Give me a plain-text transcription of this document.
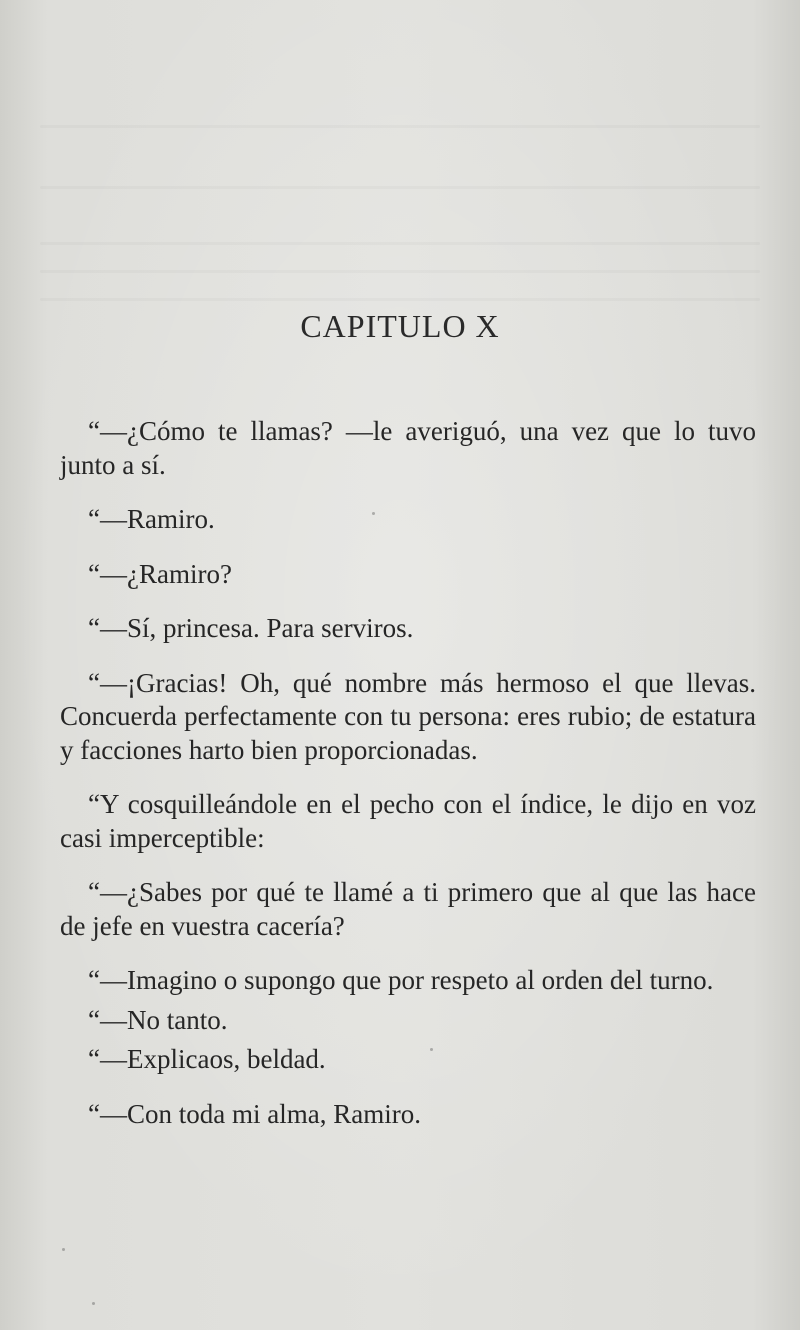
CAPITULO X

“—¿Cómo te llamas? —le averiguó, una vez que lo tuvo junto a sí.

“—Ramiro.

“—¿Ramiro?

“—Sí, princesa. Para serviros.

“—¡Gracias! Oh, qué nombre más hermoso el que llevas. Concuerda perfectamente con tu persona: eres rubio; de estatura y facciones harto bien proporcionadas.

“Y cosquilleándole en el pecho con el índice, le dijo en voz casi imperceptible:

“—¿Sabes por qué te llamé a ti primero que al que las hace de jefe en vuestra cacería?

“—Imagino o supongo que por respeto al orden del turno.

“—No tanto.

“—Explicaos, beldad.

“—Con toda mi alma, Ramiro.
